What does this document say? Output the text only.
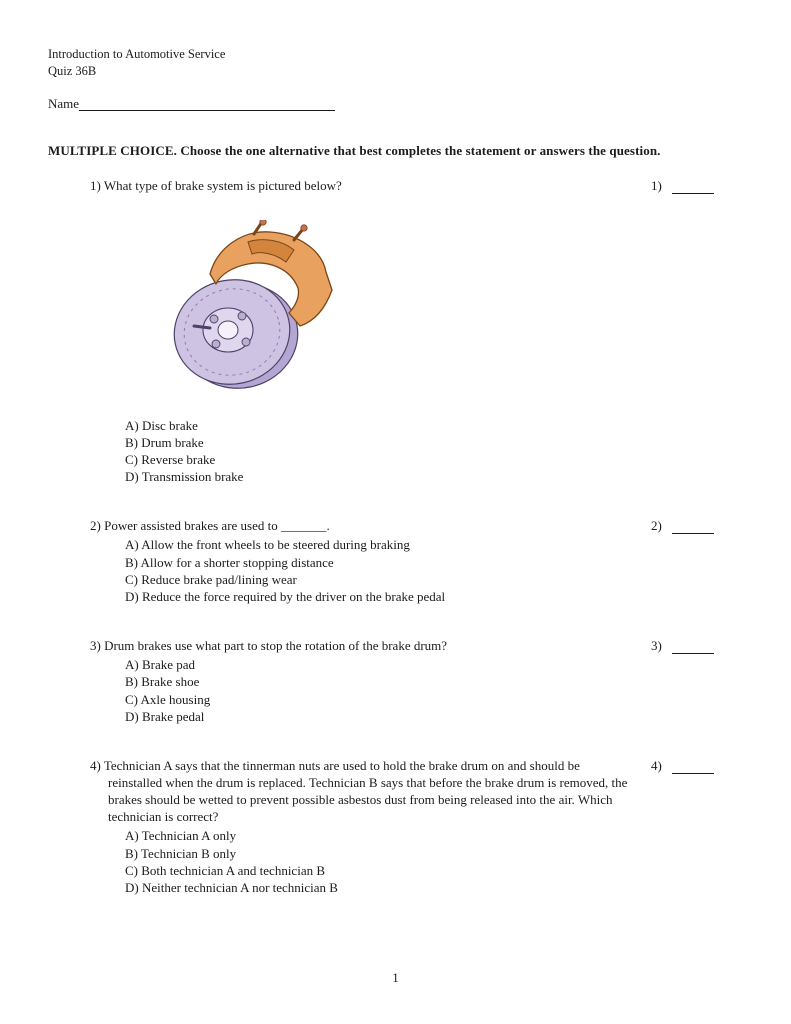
Introduction to Automotive Service
Quiz 36B
Name
MULTIPLE CHOICE. Choose the one alternative that best completes the statement or answers the question.
1) What type of brake system is pictured below?
A) Disc brake
B) Drum brake
C) Reverse brake
D) Transmission brake
1)
2) Power assisted brakes are used to _______.
A) Allow the front wheels to be steered during braking
B) Allow for a shorter stopping distance
C) Reduce brake pad/lining wear
D) Reduce the force required by the driver on the brake pedal
2)
3) Drum brakes use what part to stop the rotation of the brake drum?
A) Brake pad
B) Brake shoe
C) Axle housing
D) Brake pedal
3)
4) Technician A says that the tinnerman nuts are used to hold the brake drum on and should be reinstalled when the drum is replaced. Technician B says that before the brake drum is removed, the brakes should be wetted to prevent possible asbestos dust from being released into the air. Which technician is correct?
A) Technician A only
B) Technician B only
C) Both technician A and technician B
D) Neither technician A nor technician B
4)
1
